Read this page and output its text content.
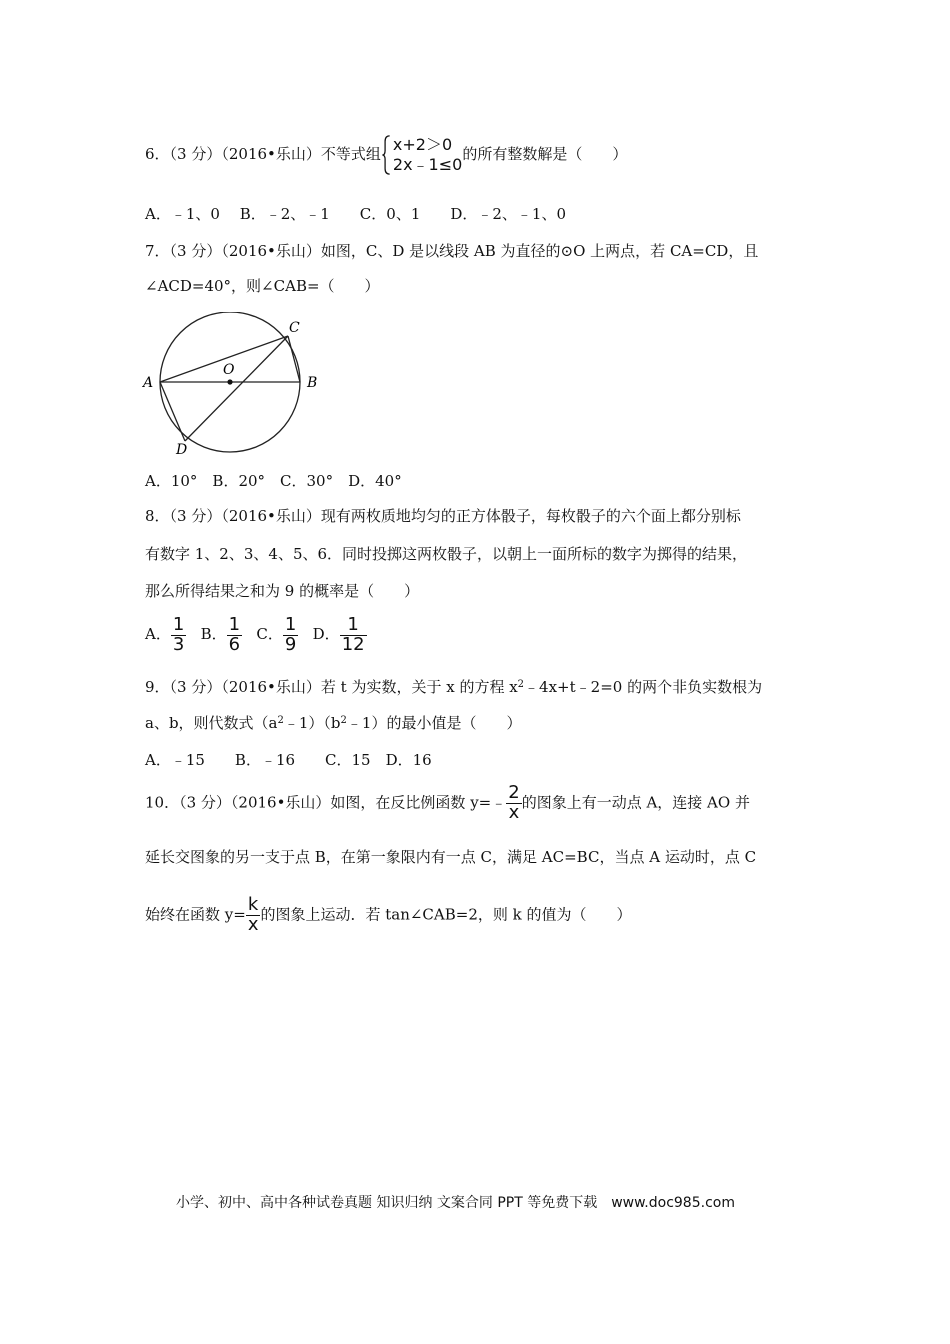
6．（3 分）（2016•乐山）不等式组 x+2＞0
2x﹣1≤0
的所有整数解是（　　）
A．﹣1、0　 B．﹣2、﹣1　　C．0、1　　D．﹣2、﹣1、0
7．（3 分）（2016•乐山）如图，C、D 是以线段 AB 为直径的⊙O 上两点，若 CA=CD，且
∠ACD=40°，则∠CAB=（　　）
A	B
C
D
O
A．10°　B．20°　C．30°　D．40°
8．（3 分）（2016•乐山）现有两枚质地均匀的正方体骰子，每枚骰子的六个面上都分别标
有数字 1、2、3、4、5、6．同时投掷这两枚骰子，以朝上一面所标的数字为掷得的结果，
那么所得结果之和为 9 的概率是（　　）
A． $\frac{1}{3}$ B． $\frac{1}{6}$ C． $\frac{1}{9}$ D． $\frac{1}{12}$
9．（3 分）（2016•乐山）若 t 为实数，关于 x 的方程 $x^2﹣4x+t﹣2=0$ 的两个非负实数根为
a、b，则代数式$(a^2﹣1)(b^2﹣1)$的最小值是（　　）
A．﹣15　　B．﹣16　　C．15　D．16
10．（3 分）（2016•乐山）如图，在反比例函数 y=﹣ $\frac{2}{x}$ 的图象上有一动点 A，连接 AO 并
延长交图象的另一支于点 B，在第一象限内有一点 C，满足 AC=BC，当点 A 运动时，点 C
始终在函数 $y= \frac{k}{x}$ 的图象上运动．若 tan∠CAB=2，则 k 的值为（　　）
小学、初中、高中各种试卷真题 知识归纳 文案合同 PPT 等免费下载　www.doc985.com
